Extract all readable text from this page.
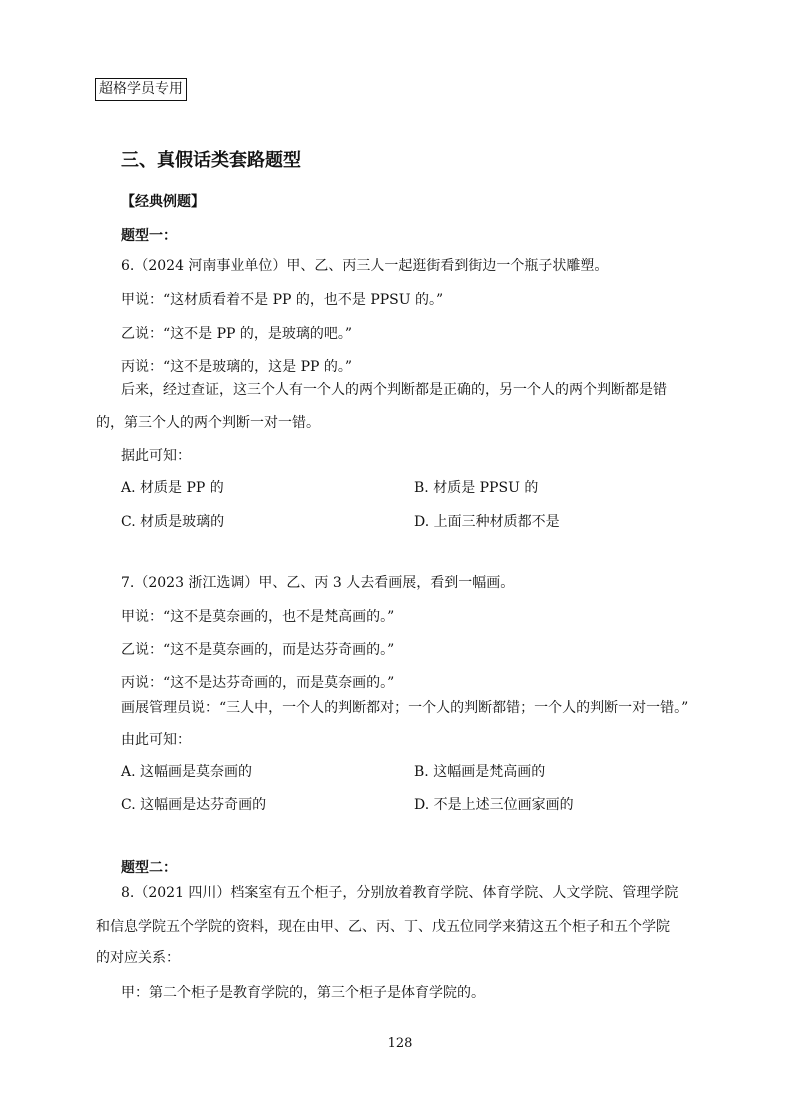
超格学员专用
三、真假话类套路题型
【经典例题】
题型一：
6.（2024 河南事业单位）甲、乙、丙三人一起逛街看到街边一个瓶子状雕塑。
甲说：“这材质看着不是 PP 的，也不是 PPSU 的。”
乙说：“这不是 PP 的，是玻璃的吧。”
丙说：“这不是玻璃的，这是 PP 的。”
后来，经过查证，这三个人有一个人的两个判断都是正确的，另一个人的两个判断都是错
的，第三个人的两个判断一对一错。
据此可知：
A. 材质是 PP 的	B. 材质是 PPSU 的
C. 材质是玻璃的	D. 上面三种材质都不是
7.（2023 浙江选调）甲、乙、丙 3 人去看画展，看到一幅画。
甲说：“这不是莫奈画的，也不是梵高画的。”
乙说：“这不是莫奈画的，而是达芬奇画的。”
丙说：“这不是达芬奇画的，而是莫奈画的。”
画展管理员说：“三人中，一个人的判断都对；一个人的判断都错；一个人的判断一对一错。”
由此可知：
A. 这幅画是莫奈画的	B. 这幅画是梵高画的
C. 这幅画是达芬奇画的	D. 不是上述三位画家画的
题型二：
8.（2021 四川）档案室有五个柜子，分别放着教育学院、体育学院、人文学院、管理学院
和信息学院五个学院的资料，现在由甲、乙、丙、丁、戊五位同学来猜这五个柜子和五个学院
的对应关系：
甲：第二个柜子是教育学院的，第三个柜子是体育学院的。
128
